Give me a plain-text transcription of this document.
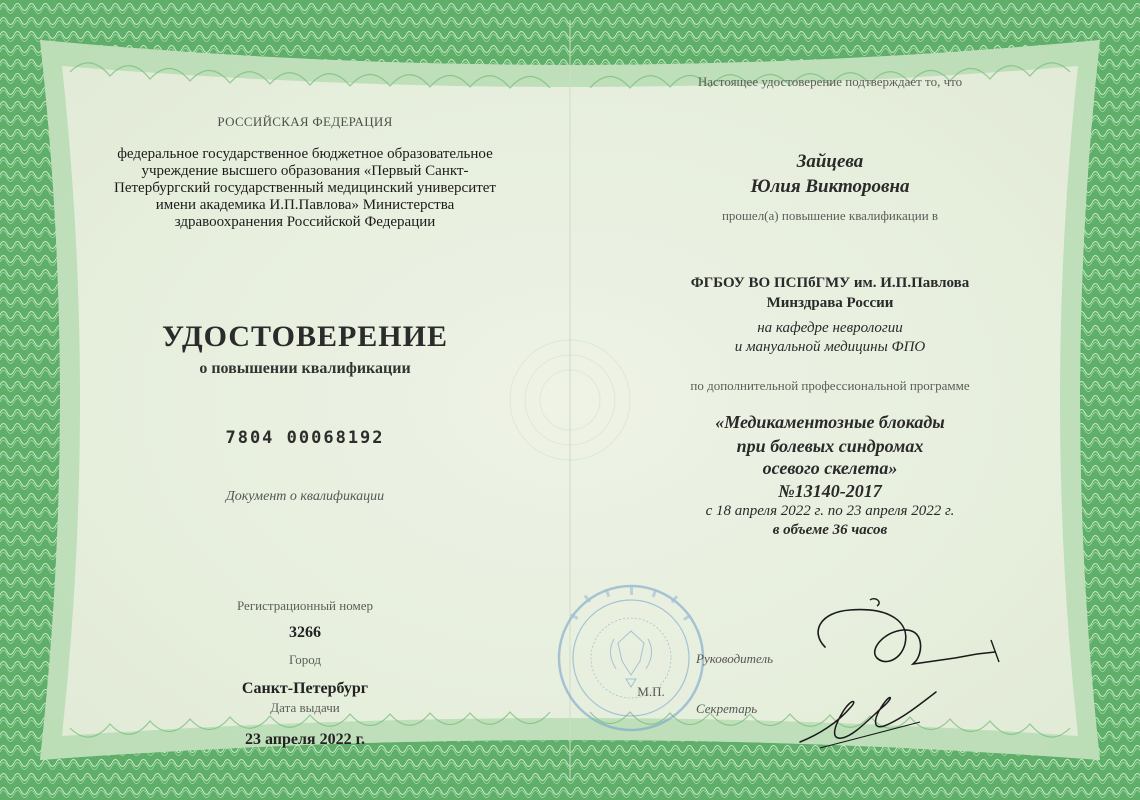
РОССИЙСКАЯ ФЕДЕРАЦИЯ
федеральное государственное бюджетное образовательное учреждение высшего образования «Первый Санкт-Петербургский государственный медицинский университет имени академика И.П.Павлова» Министерства здравоохранения Российской Федерации
УДОСТОВЕРЕНИЕ
о повышении квалификации
7804 00068192
Документ о квалификации
Регистрационный номер
3266
Город
Санкт-Петербург
Дата выдачи
23 апреля 2022 г.
Настоящее удостоверение подтверждает то, что
Зайцева
Юлия Викторовна
прошел(а) повышение квалификации в
ФГБОУ ВО ПСПбГМУ им. И.П.Павлова
Минздрава России
на кафедре неврологии
и мануальной медицины ФПО
по дополнительной профессиональной программе
«Медикаментозные блокады
при болевых синдромах
осевого скелета»
№13140-2017
с 18 апреля 2022 г. по 23 апреля 2022 г.
в объеме 36 часов
М.П.
Руководитель
Секретарь
